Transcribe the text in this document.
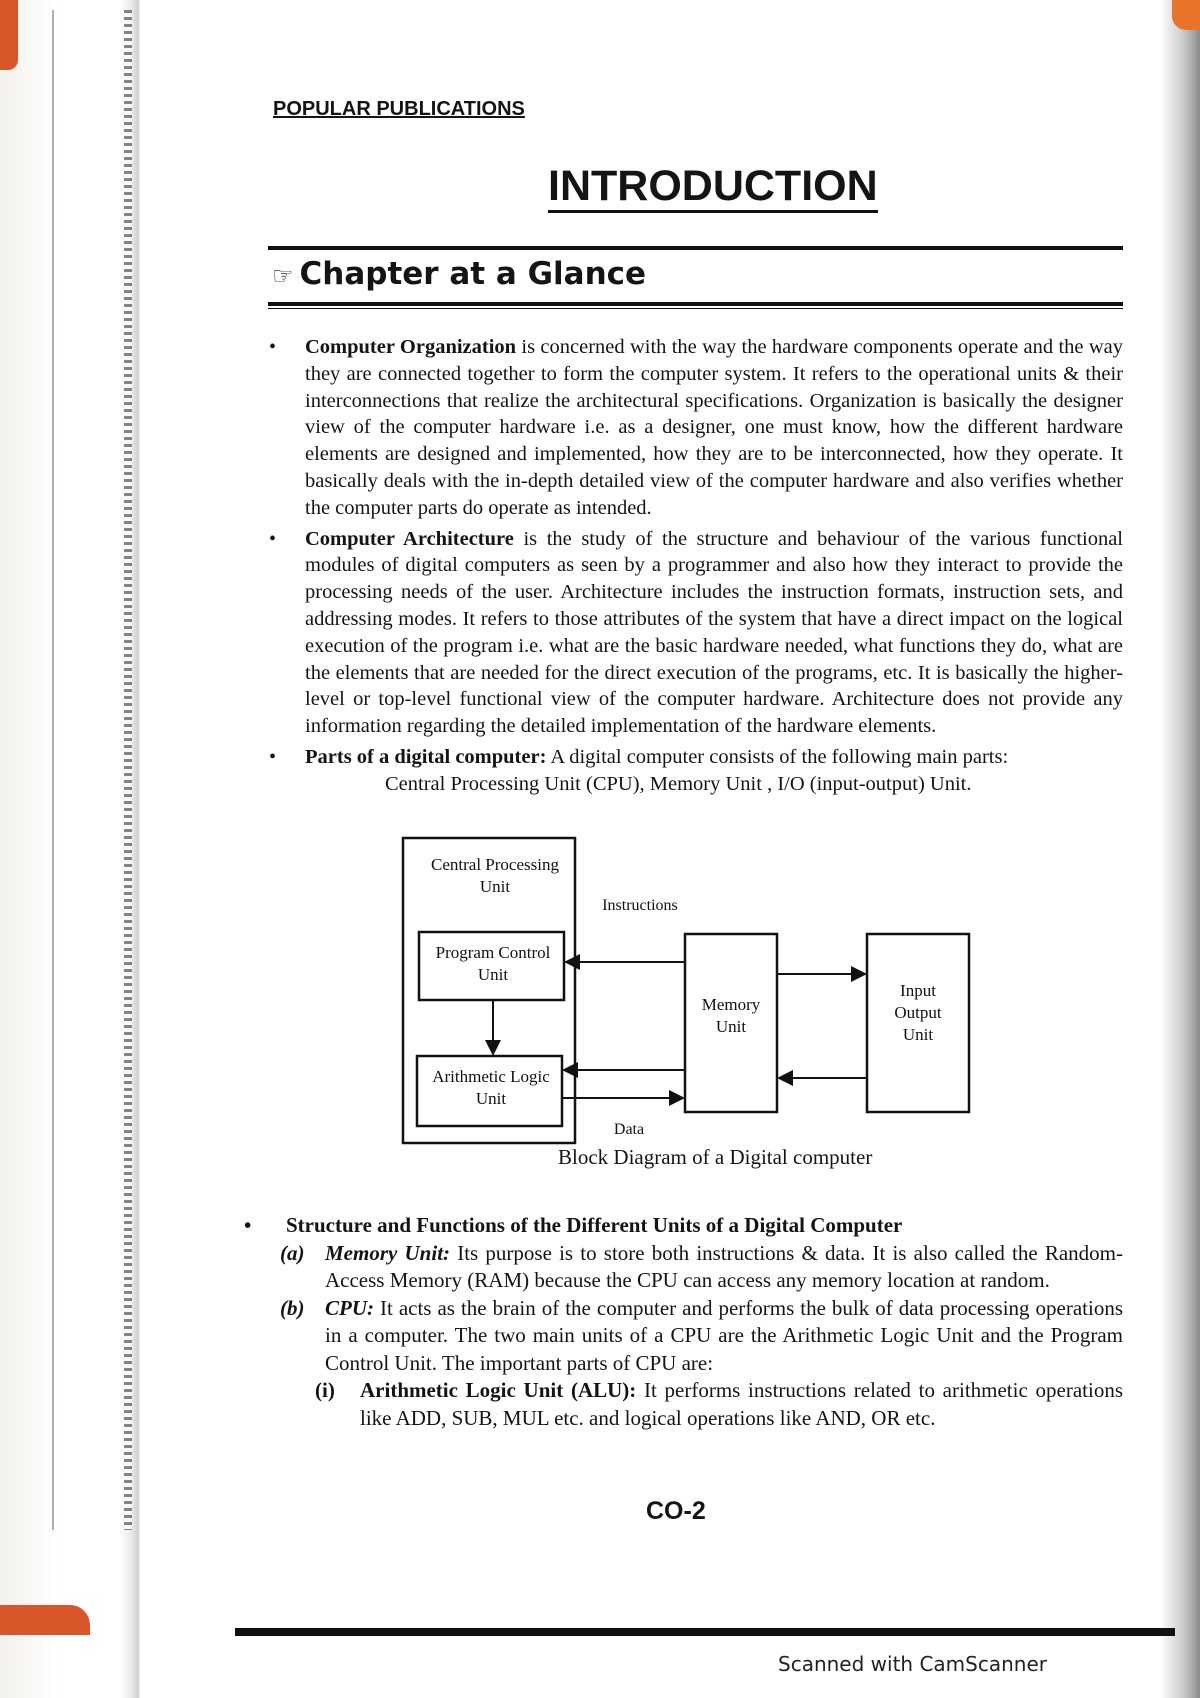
POPULAR PUBLICATIONS
INTRODUCTION
☞ Chapter at a Glance
• Computer Organization is concerned with the way the hardware components operate and the way they are connected together to form the computer system. It refers to the operational units & their interconnections that realize the architectural specifications. Organization is basically the designer view of the computer hardware i.e. as a designer, one must know, how the different hardware elements are designed and implemented, how they are to be interconnected, how they operate. It basically deals with the in-depth detailed view of the computer hardware and also verifies whether the computer parts do operate as intended.
• Computer Architecture is the study of the structure and behaviour of the various functional modules of digital computers as seen by a programmer and also how they interact to provide the processing needs of the user. Architecture includes the instruction formats, instruction sets, and addressing modes. It refers to those attributes of the system that have a direct impact on the logical execution of the program i.e. what are the basic hardware needed, what functions they do, what are the elements that are needed for the direct execution of the programs, etc. It is basically the higher-level or top-level functional view of the computer hardware. Architecture does not provide any information regarding the detailed implementation of the hardware elements.
• Parts of a digital computer: A digital computer consists of the following main parts:
Central Processing Unit (CPU), Memory Unit , I/O (input-output) Unit.
Central Processing
Unit
Program Control
Unit
Arithmetic Logic
Unit
Memory
Unit
Input
Output
Unit
Instructions
Data
Block Diagram of a Digital computer
• Structure and Functions of the Different Units of a Digital Computer
(a) Memory Unit: Its purpose is to store both instructions & data. It is also called the Random-Access Memory (RAM) because the CPU can access any memory location at random.
(b) CPU: It acts as the brain of the computer and performs the bulk of data processing operations in a computer. The two main units of a CPU are the Arithmetic Logic Unit and the Program Control Unit. The important parts of CPU are:
(i) Arithmetic Logic Unit (ALU): It performs instructions related to arithmetic operations like ADD, SUB, MUL etc. and logical operations like AND, OR etc.
CO-2
Scanned with CamScanner
